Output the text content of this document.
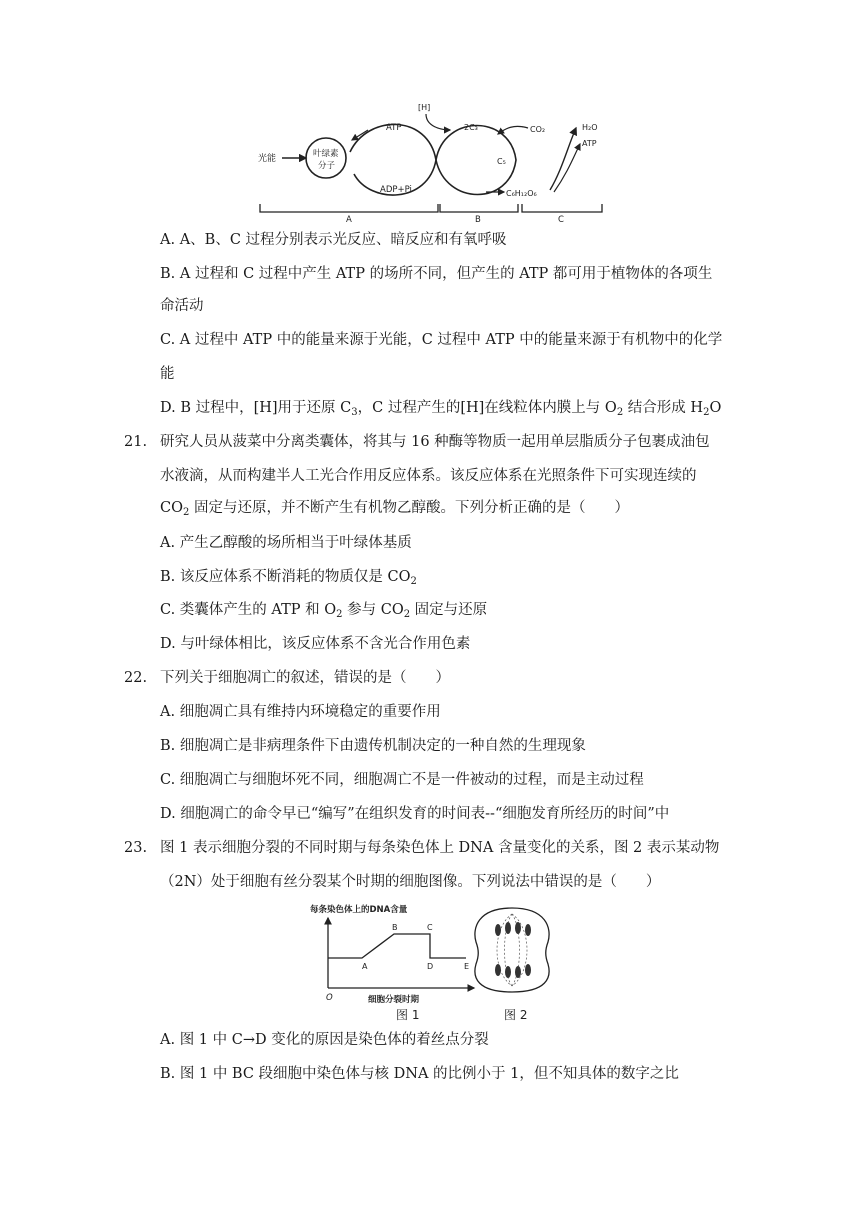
光能	叶绿素
分子
ATP
ADP+Pi
[H]
2C₃
C₅
C₆H₁₂O₆
CO₂	H₂O
ATP
A	B	C
A. A、B、C 过程分别表示光反应、暗反应和有氧呼吸
B. A 过程和 C 过程中产生 ATP 的场所不同，但产生的 ATP 都可用于植物体的各项生
命活动
C. A 过程中 ATP 中的能量来源于光能，C 过程中 ATP 中的能量来源于有机物中的化学
能
D. B 过程中，[H]用于还原 $C_3$，C 过程产生的[H]在线粒体内膜上与 $O_2$ 结合形成 $H_2O$
21. 研究人员从菠菜中分离类囊体，将其与 16 种酶等物质一起用单层脂质分子包裹成油包
水液滴，从而构建半人工光合作用反应体系。该反应体系在光照条件下可实现连续的
$CO_2$ 固定与还原，并不断产生有机物乙醇酸。下列分析正确的是（　　）
A. 产生乙醇酸的场所相当于叶绿体基质
B. 该反应体系不断消耗的物质仅是 $CO_2$
C. 类囊体产生的 ATP 和 $O_2$ 参与 $CO_2$ 固定与还原
D. 与叶绿体相比，该反应体系不含光合作用色素
22. 下列关于细胞凋亡的叙述，错误的是（　　）
A. 细胞凋亡具有维持内环境稳定的重要作用
B. 细胞凋亡是非病理条件下由遗传机制决定的一种自然的生理现象
C. 细胞凋亡与细胞坏死不同，细胞凋亡不是一件被动的过程，而是主动过程
D. 细胞凋亡的命令早已“编写”在组织发育的时间表--“细胞发育所经历的时间”中
23. 图 1 表示细胞分裂的不同时期与每条染色体上 DNA 含量变化的关系，图 2 表示某动物
（2N）处于细胞有丝分裂某个时期的细胞图像。下列说法中错误的是（　　）
每条染色体上的DNA含量
O	细胞分裂时期
A
B	C
D	E
图 1	图 2
A. 图 1 中 C→D 变化的原因是染色体的着丝点分裂
B. 图 1 中 BC 段细胞中染色体与核 DNA 的比例小于 1，但不知具体的数字之比
